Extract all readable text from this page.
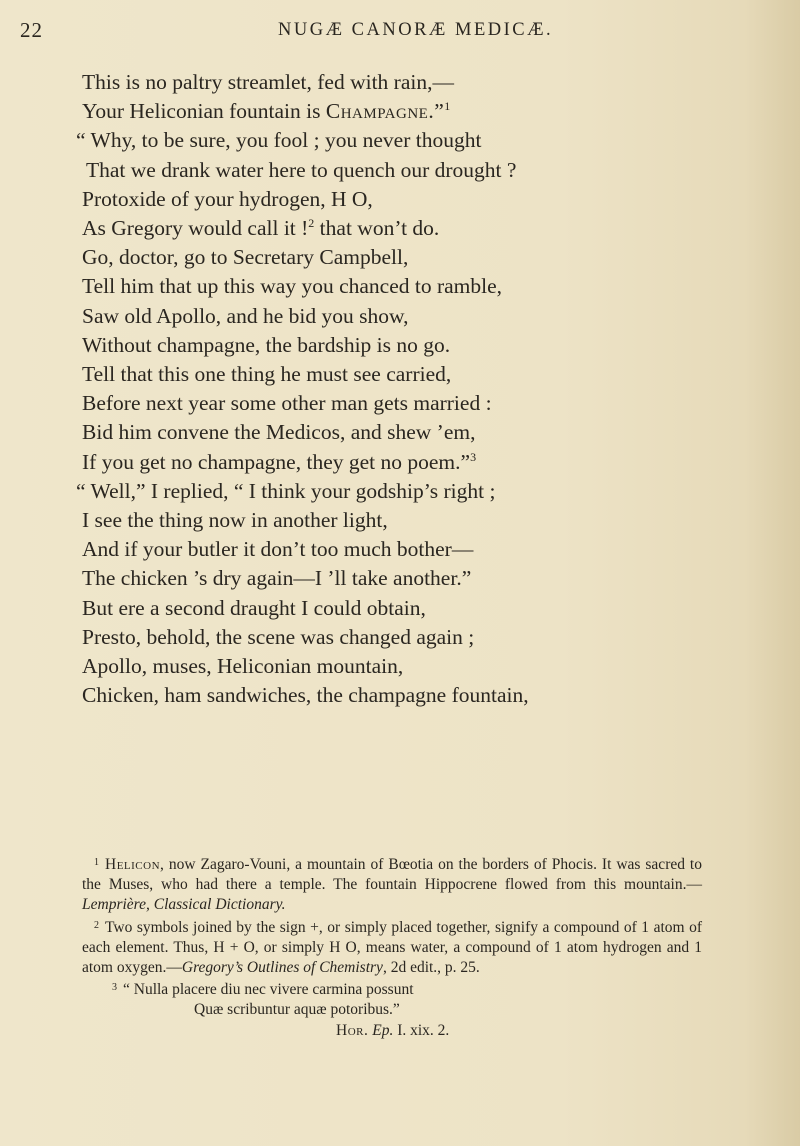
22	NUGÆ CANORÆ MEDICÆ.
This is no paltry streamlet, fed with rain,—
Your Heliconian fountain is Champagne.”$^1$
“ Why, to be sure, you fool ; you never thought
That we drank water here to quench our drought ?
Protoxide of your hydrogen, H O,
As Gregory would call it !$^2$ that won’t do.
Go, doctor, go to Secretary Campbell,
Tell him that up this way you chanced to ramble,
Saw old Apollo, and he bid you show,
Without champagne, the bardship is no go.
Tell that this one thing he must see carried,
Before next year some other man gets married :
Bid him convene the Medicos, and shew ’em,
If you get no champagne, they get no poem.”$^3$
“ Well,” I replied, “ I think your godship’s right ;
I see the thing now in another light,
And if your butler it don’t too much bother—
The chicken ’s dry again—I ’ll take another.”
But ere a second draught I could obtain,
Presto, behold, the scene was changed again ;
Apollo, muses, Heliconian mountain,
Chicken, ham sandwiches, the champagne fountain,
$^1$ Helicon, now Zagaro-Vouni, a mountain of Bœotia on the borders of Phocis. It was sacred to the Muses, who had there a temple. The fountain Hippocrene flowed from this mountain.—Lemprière, Classical Dictionary.
$^2$ Two symbols joined by the sign +, or simply placed together, signify a compound of 1 atom of each element. Thus, H + O, or simply H O, means water, a compound of 1 atom hydrogen and 1 atom oxygen.—Gregory’s Outlines of Chemistry, 2d edit., p. 25.
$^3$ “ Nulla placere diu nec vivere carmina possunt
Quæ scribuntur aquæ potoribus.”
Hor. Ep. I. xix. 2.
